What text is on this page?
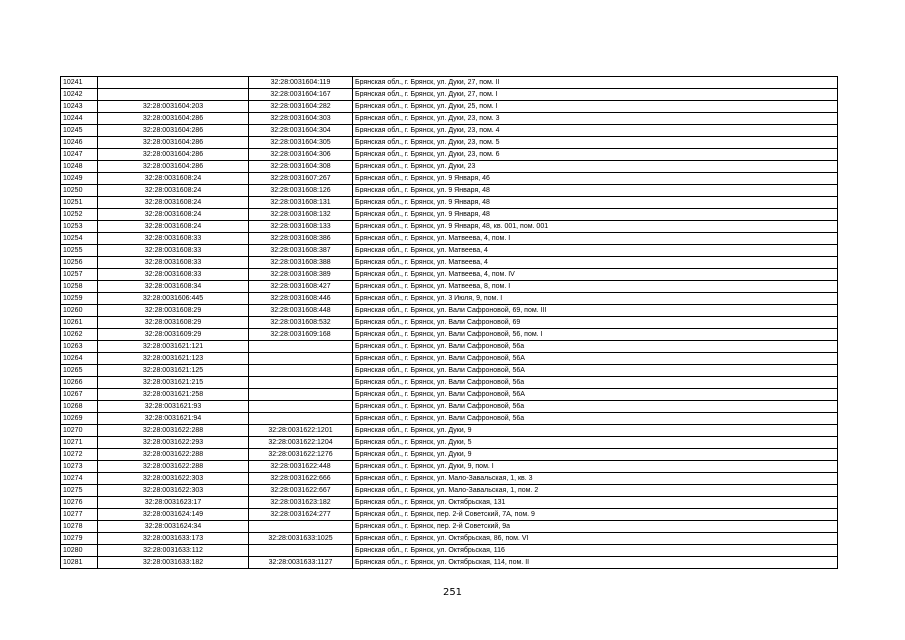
10241		32:28:0031604:119	Брянская обл., г. Брянск, ул. Дуки, 27, пом. II
10242		32:28:0031604:167	Брянская обл., г. Брянск, ул. Дуки, 27, пом. I
10243	32:28:0031604:203	32:28:0031604:282	Брянская обл., г. Брянск, ул. Дуки, 25, пом. I
10244	32:28:0031604:286	32:28:0031604:303	Брянская обл., г. Брянск, ул. Дуки, 23, пом. 3
10245	32:28:0031604:286	32:28:0031604:304	Брянская обл., г. Брянск, ул. Дуки, 23, пом. 4
10246	32:28:0031604:286	32:28:0031604:305	Брянская обл., г. Брянск, ул. Дуки, 23, пом. 5
10247	32:28:0031604:286	32:28:0031604:306	Брянская обл., г. Брянск, ул. Дуки, 23, пом. 6
10248	32:28:0031604:286	32:28:0031604:308	Брянская обл., г. Брянск, ул. Дуки, 23
10249	32:28:0031608:24	32:28:0031607:267	Брянская обл., г. Брянск, ул. 9 Января, 46
10250	32:28:0031608:24	32:28:0031608:126	Брянская обл., г. Брянск, ул. 9 Января, 48
10251	32:28:0031608:24	32:28:0031608:131	Брянская обл., г. Брянск, ул. 9 Января, 48
10252	32:28:0031608:24	32:28:0031608:132	Брянская обл., г. Брянск, ул. 9 Января, 48
10253	32:28:0031608:24	32:28:0031608:133	Брянская обл., г. Брянск, ул. 9 Января, 48, кв. 001, пом. 001
10254	32:28:0031608:33	32:28:0031608:386	Брянская обл., г. Брянск, ул. Матвеева, 4, пом. I
10255	32:28:0031608:33	32:28:0031608:387	Брянская обл., г. Брянск, ул. Матвеева, 4
10256	32:28:0031608:33	32:28:0031608:388	Брянская обл., г. Брянск, ул. Матвеева, 4
10257	32:28:0031608:33	32:28:0031608:389	Брянская обл., г. Брянск, ул. Матвеева, 4, пом. IV
10258	32:28:0031608:34	32:28:0031608:427	Брянская обл., г. Брянск, ул. Матвеева, 8, пом. I
10259	32:28:0031606:445	32:28:0031608:446	Брянская обл., г. Брянск, ул. 3 Июля, 9, пом. I
10260	32:28:0031608:29	32:28:0031608:448	Брянская обл., г. Брянск, ул. Вали Сафроновой, 69, пом. III
10261	32:28:0031608:29	32:28:0031608:532	Брянская обл., г. Брянск, ул. Вали Сафроновой, 69
10262	32:28:0031609:29	32:28:0031609:168	Брянская обл., г. Брянск, ул. Вали Сафроновой, 56, пом. I
10263	32:28:0031621:121		Брянская обл., г. Брянск, ул. Вали Сафроновой, 56а
10264	32:28:0031621:123		Брянская обл., г. Брянск, ул. Вали Сафроновой, 56А
10265	32:28:0031621:125		Брянская обл., г. Брянск, ул. Вали Сафроновой, 56А
10266	32:28:0031621:215		Брянская обл., г. Брянск, ул. Вали Сафроновой, 56а
10267	32:28:0031621:258		Брянская обл., г. Брянск, ул. Вали Сафроновой, 56А
10268	32:28:0031621:93		Брянская обл., г. Брянск, ул. Вали Сафроновой, 56а
10269	32:28:0031621:94		Брянская обл., г. Брянск, ул. Вали Сафроновой, 56а
10270	32:28:0031622:288	32:28:0031622:1201	Брянская обл., г. Брянск, ул. Дуки, 9
10271	32:28:0031622:293	32:28:0031622:1204	Брянская обл., г. Брянск, ул. Дуки, 5
10272	32:28:0031622:288	32:28:0031622:1276	Брянская обл., г. Брянск, ул. Дуки, 9
10273	32:28:0031622:288	32:28:0031622:448	Брянская обл., г. Брянск, ул. Дуки, 9, пом. I
10274	32:28:0031622:303	32:28:0031622:666	Брянская обл., г. Брянск, ул. Мало-Завальская, 1, кв. 3
10275	32:28:0031622:303	32:28:0031622:667	Брянская обл., г. Брянск, ул. Мало-Завальская, 1, пом. 2
10276	32:28:0031623:17	32:28:0031623:182	Брянская обл., г. Брянск, ул. Октябрьская, 131
10277	32:28:0031624:149	32:28:0031624:277	Брянская обл., г. Брянск, пер. 2-й Советский, 7А, пом. 9
10278	32:28:0031624:34		Брянская обл., г. Брянск, пер. 2-й Советский, 9а
10279	32:28:0031633:173	32:28:0031633:1025	Брянская обл., г. Брянск, ул. Октябрьская, 86, пом. VI
10280	32:28:0031633:112		Брянская обл., г. Брянск, ул. Октябрьская, 116
10281	32:28:0031633:182	32:28:0031633:1127	Брянская обл., г. Брянск, ул. Октябрьская, 114, пом. II
251
